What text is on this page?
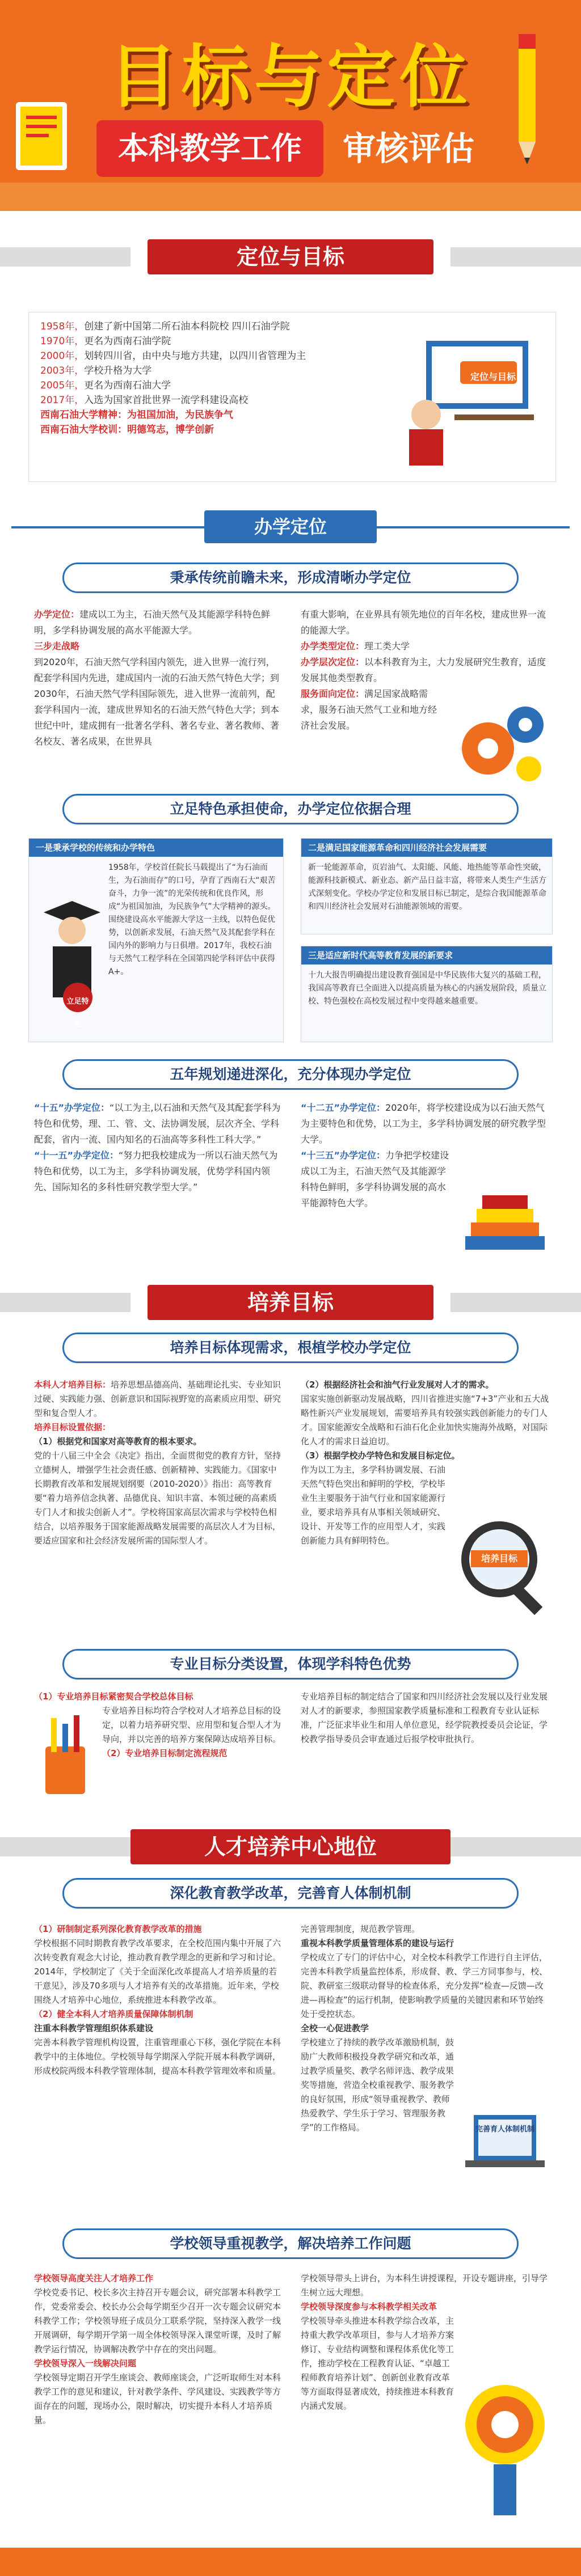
目标与定位
本科教学工作	审核评估
定位与目标
1958年，创建了新中国第二所石油本科院校 四川石油学院
1970年，更名为西南石油学院
2000年，划转四川省，由中央与地方共建，以四川省管理为主
2003年，学校升格为大学
2005年，更名为西南石油大学
2017年，入选为国家首批世界一流学科建设高校
西南石油大学精神：为祖国加油，为民族争气
西南石油大学校训：明德笃志，博学创新
定位与目标
办学定位
秉承传统前瞻未来，形成清晰办学定位

办学定位：建成以工为主，石油天然气及其能源学科特色鲜明，多学科协调发展的高水平能源大学。

三步走战略

到2020年，石油天然气学科国内领先，进入世界一流行列，配套学科国内先进，建成国内一流的石油天然气特色大学；到2030年，石油天然气学科国际领先，进入世界一流前列，配套学科国内一流，建成世界知名的石油天然气特色大学；到本世纪中叶，建成拥有一批著名学科、著名专业、著名教师、著名校友、著名成果，在世界具

有重大影响，在业界具有领先地位的百年名校，建成世界一流的能源大学。

办学类型定位：理工类大学

办学层次定位：以本科教育为主，大力发展研究生教育，适度发展其他类型教育。

服务面向定位：满足国家战略需求，服务石油天然气工业和地方经济社会发展。

立足特色承担使命，办学定位依据合理
一是秉承学校的传统和办学特色
1958年，学校首任院长马载提出了“为石油而生，为石油而存”的口号，孕育了西南石大“艰苦奋斗，力争一流”的光荣传统和优良作风，形成“为祖国加油，为民族争气”大学精神的源头。围绕建设高水平能源大学这一主线，以特色促优势，以创新求发展，石油天然气及其配套学科在国内外的影响力与日俱增。2017年，我校石油与天然气工程学科在全国第四轮学科评估中获得A+。
立足特色
二是满足国家能源革命和四川经济社会发展需要
新一轮能源革命，页岩油气、太阳能、风能、地热能等革命性突破，能源科技新模式、新业态、新产品日益丰富，将带来人类生产生活方式深刻变化。学校办学定位和发展目标已制定，是综合我国能源革命和四川经济社会发展对石油能源领域的需要。
三是适应新时代高等教育发展的新要求
十九大报告明确提出建设教育强国是中华民族伟大复兴的基础工程，我国高等教育已全面进入以提高质量为核心的内涵发展阶段，质量立校、特色强校在高校发展过程中变得越来越重要。
五年规划递进深化，充分体现办学定位

“十五”办学定位：“以工为主,以石油和天然气及其配套学科为特色和优势，理、工、管、文、法协调发展，层次齐全、学科配套，省内一流、国内知名的石油高等多科性工科大学。”

“十一五”办学定位：“努力把我校建成为一所以石油天然气为特色和优势，以工为主，多学科协调发展，优势学科国内领先、国际知名的多科性研究教学型大学。”

“十二五”办学定位：2020年，将学校建设成为以石油天然气为主要特色和优势，以工为主，多学科协调发展的研究教学型大学。

“十三五”办学定位：力争把学校建设成以工为主，石油天然气及其能源学科特色鲜明，多学科协调发展的高水平能源特色大学。

培养目标
培养目标体现需求，根植学校办学定位

本科人才培养目标：培养思想品德高尚、基础理论扎实、专业知识过硬、实践能力强、创新意识和国际视野宽的高素质应用型、研究型和复合型人才。

培养目标设置依据：

（1）根据党和国家对高等教育的根本要求。

党的十八届三中全会《决定》指出，全面贯彻党的教育方针，坚持立德树人，增强学生社会责任感、创新精神、实践能力。《国家中长期教育改革和发展规划纲要（2010-2020）》指出：高等教育要“着力培养信念执著、品德优良、知识丰富、本领过硬的高素质专门人才和拔尖创新人才”。学校将国家高层次需求与学校特色相结合，以培养服务于国家能源战略发展需要的高层次人才为目标，要适应国家和社会经济发展所需的国际型人才。

（2）根据经济社会和油气行业发展对人才的需求。

国家实施创新驱动发展战略，四川省推进实施“7+3”产业和五大战略性新兴产业发展规划，需要培养具有较强实践创新能力的专门人才。国家能源安全战略和石油石化企业加快实施海外战略，对国际化人才的需求日益迫切。

（3）根据学校办学特色和发展目标定位。

作为以工为主，多学科协调发展、石油天然气特色突出和鲜明的学校，学校毕业生主要服务于油气行业和国家能源行业，要求培养具有从事相关领域研究、设计、开发等工作的应用型人才，实践创新能力具有鲜明特色。

培养目标
专业目标分类设置，体现学科特色优势

（1）专业培养目标紧密契合学校总体目标

专业培养目标均符合学校对人才培养总目标的设定，以着力培养研究型、应用型和复合型人才为导向，并以完善的培养方案保障达成培养目标。

（2）专业培养目标制定流程规范

专业培养目标的制定结合了国家和四川经济社会发展以及行业发展对人才的新要求，参照国家教学质量标准和工程教育专业认证标准，广泛征求毕业生和用人单位意见，经学院教授委员会论证，学校教学指导委员会审查通过后报学校审批执行。

人才培养中心地位
深化教育教学改革，完善育人体制机制

（1）研制制定系列深化教育教学改革的措施

学校根据不同时期教育教学改革要求，在全校范围内集中开展了六次转变教育观念大讨论，推动教育教学理念的更新和学习和讨论。2014年，学校制定了《关于全面深化改革提高人才培养质量的若干意见》，涉及70多项与人才培养有关的改革措施。近年来，学校围绕人才培养中心地位，系统推进本科教学改革。

（2）健全本科人才培养质量保障体制机制

注重本科教学管理组织体系建设

完善本科教学管理机构设置，注重管理重心下移，强化学院在本科教学中的主体地位。学校领导每学期深入学院开展本科教学调研，形成校院两级本科教学管理体制，提高本科教学管理效率和质量。

完善管理制度，规范教学管理。

重视本科教学质量管理体系的建设与运行

学校成立了专门的评估中心，对全校本科教学工作进行自主评估，完善本科教学质量监控体系，形成督、教、学三方同事参与，校、院、教研室三级联动督导的检查体系，充分发挥“检查—反馈—改进—再检查”的运行机制，使影响教学质量的关键因素和环节始终处于受控状态。

全校一心促进教学

学校建立了持续的教学改革激励机制，鼓励广大教师积极投身教学研究和改革，通过教学质量奖、教学名师评选、教学成果奖等措施，营造全校重视教学、服务教学的良好氛围，形成“领导重视教学、教师热爱教学、学生乐于学习、管理服务教学”的工作格局。	完善育人体制机制
学校领导重视教学，解决培养工作问题

学校领导高度关注人才培养工作

学校党委书记、校长多次主持召开专题会议，研究部署本科教学工作，党委常委会、校长办公会每学期至少召开一次专题会议研究本科教学工作；学校领导班子成员分工联系学院，坚持深入教学一线开展调研，每学期开学第一周全体校领导深入课堂听课，及时了解教学运行情况，协调解决教学中存在的突出问题。

学校领导深入一线解决问题

学校领导定期召开学生座谈会、教师座谈会，广泛听取师生对本科教学工作的意见和建议，针对教学条件、学风建设、实践教学等方面存在的问题，现场办公，限时解决，切实提升本科人才培养质量。

学校领导带头上讲台，为本科生讲授课程，开设专题讲座，引导学生树立远大理想。

学校领导深度参与本科教学相关改革

学校领导牵头推进本科教学综合改革，主持重大教学改革项目，参与人才培养方案修订、专业结构调整和课程体系优化等工作，推动学校在工程教育认证、“卓越工程师教育培养计划”、创新创业教育改革等方面取得显著成效，持续推进本科教育内涵式发展。
